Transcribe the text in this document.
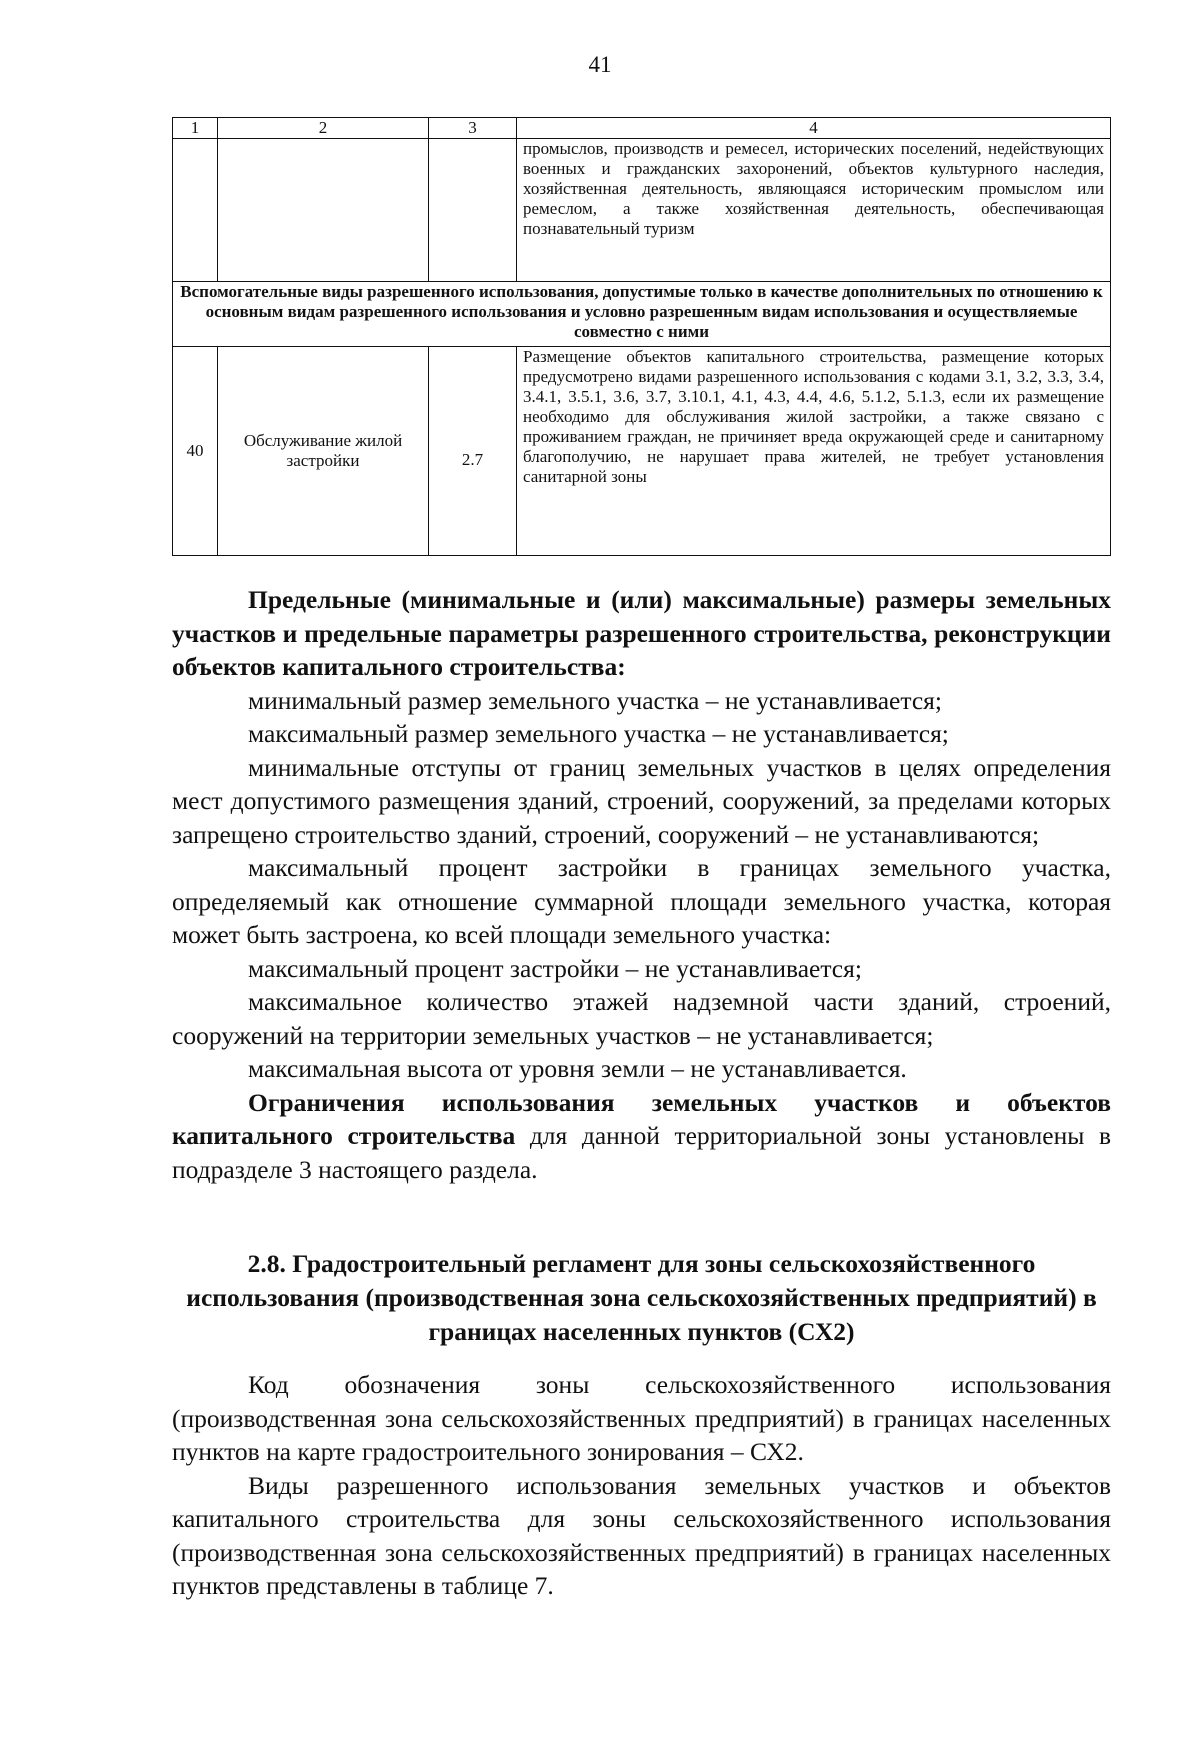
41
1	2	3	4
			промыслов, производств и ремесел, исторических поселений, недействующих военных и гражданских захоронений, объектов культурного наследия, хозяйственная деятельность, являющаяся историческим промыслом или ремеслом, а также хозяйственная деятельность, обеспечивающая познавательный туризм
Вспомогательные виды разрешенного использования, допустимые только в качестве дополнительных по отношению к основным видам разрешенного использования и условно разрешенным видам использования и осуществляемые совместно с ними			
40	Обслуживание жилой застройки	2.7	Размещение объектов капитального строительства, размещение которых предусмотрено видами разрешенного использования с кодами 3.1, 3.2, 3.3, 3.4, 3.4.1, 3.5.1, 3.6, 3.7, 3.10.1, 4.1, 4.3, 4.4, 4.6, 5.1.2, 5.1.3, если их размещение необходимо для обслуживания жилой застройки, а также связано с проживанием граждан, не причиняет вреда окружающей среде и санитарному благополучию, не нарушает права жителей, не требует установления санитарной зоны

Предельные (минимальные и (или) максимальные) размеры земельных участков и предельные параметры разрешенного строительства, реконструкции объектов капитального строительства:

минимальный размер земельного участка – не устанавливается;

максимальный размер земельного участка – не устанавливается;

минимальные отступы от границ земельных участков в целях определения мест допустимого размещения зданий, строений, сооружений, за пределами которых запрещено строительство зданий, строений, сооружений – не устанавливаются;

максимальный процент застройки в границах земельного участка, определяемый как отношение суммарной площади земельного участка, которая может быть застроена, ко всей площади земельного участка:

максимальный процент застройки – не устанавливается;

максимальное количество этажей надземной части зданий, строений, сооружений на территории земельных участков – не устанавливается;

максимальная высота от уровня земли – не устанавливается.

Ограничения использования земельных участков и объектов капитального строительства для данной территориальной зоны установлены в подразделе 3 настоящего раздела.

2.8. Градостроительный регламент для зоны сельскохозяйственного использования (производственная зона сельскохозяйственных предприятий) в границах населенных пунктов (СХ2)

Код обозначения зоны сельскохозяйственного использования (производственная зона сельскохозяйственных предприятий) в границах населенных пунктов на карте градостроительного зонирования – СХ2.

Виды разрешенного использования земельных участков и объектов капитального строительства для зоны сельскохозяйственного использования (производственная зона сельскохозяйственных предприятий) в границах населенных пунктов представлены в таблице 7.
